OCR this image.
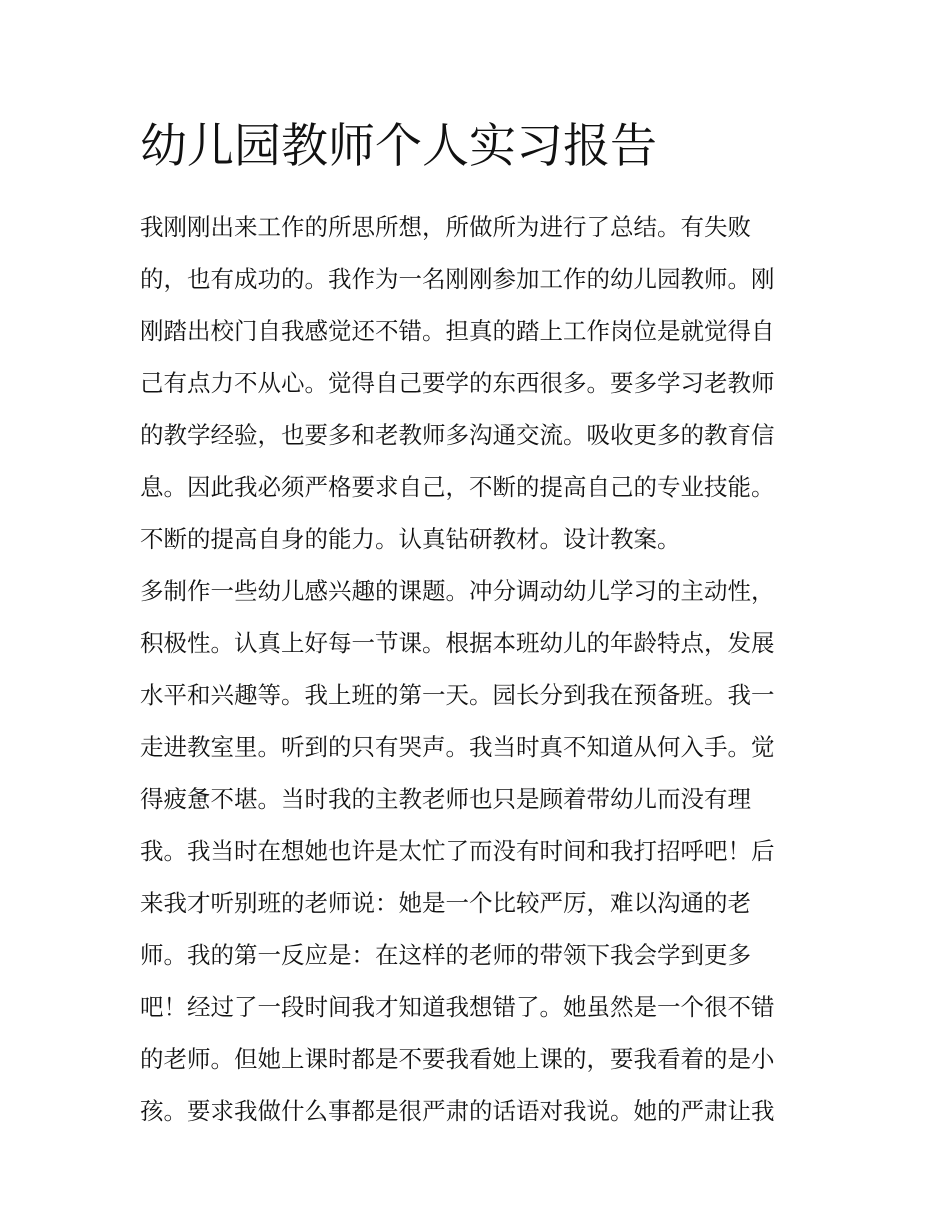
幼儿园教师个人实习报告
我刚刚出来工作的所思所想，所做所为进行了总结。有失败
的，也有成功的。我作为一名刚刚参加工作的幼儿园教师。刚
刚踏出校门自我感觉还不错。担真的踏上工作岗位是就觉得自
己有点力不从心。觉得自己要学的东西很多。要多学习老教师
的教学经验，也要多和老教师多沟通交流。吸收更多的教育信
息。因此我必须严格要求自己，不断的提高自己的专业技能。
不断的提高自身的能力。认真钻研教材。设计教案。
多制作一些幼儿感兴趣的课题。冲分调动幼儿学习的主动性，
积极性。认真上好每一节课。根据本班幼儿的年龄特点，发展
水平和兴趣等。我上班的第一天。园长分到我在预备班。我一
走进教室里。听到的只有哭声。我当时真不知道从何入手。觉
得疲惫不堪。当时我的主教老师也只是顾着带幼儿而没有理
我。我当时在想她也许是太忙了而没有时间和我打招呼吧！后
来我才听别班的老师说：她是一个比较严厉，难以沟通的老
师。我的第一反应是：在这样的老师的带领下我会学到更多
吧！经过了一段时间我才知道我想错了。她虽然是一个很不错
的老师。但她上课时都是不要我看她上课的，要我看着的是小
孩。要求我做什么事都是很严肃的话语对我说。她的严肃让我
